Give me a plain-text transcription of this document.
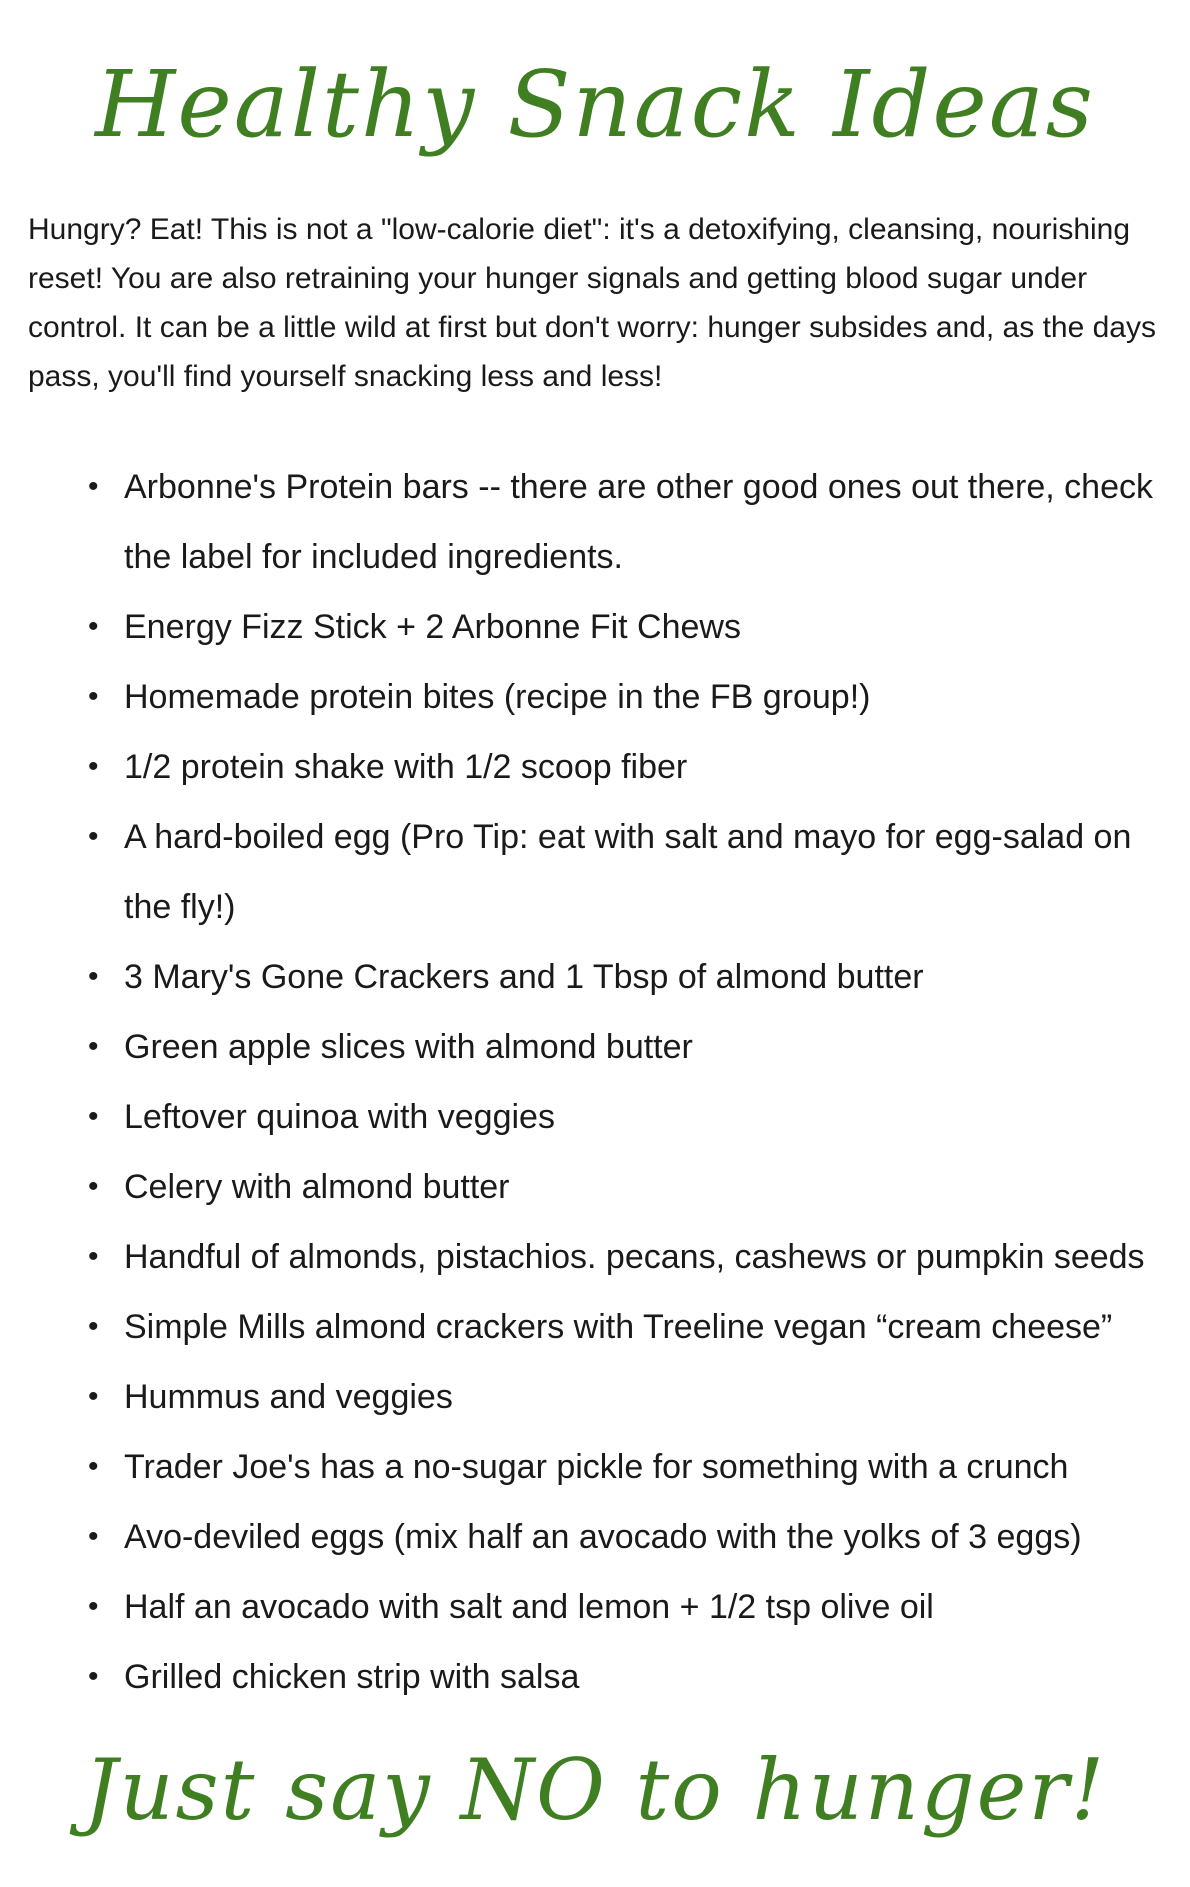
Healthy Snack Ideas

Hungry? Eat! This is not a "low-calorie diet": it's a detoxifying, cleansing, nourishing reset! You are also retraining your hunger signals and getting blood sugar under control. It can be a little wild at first but don't worry: hunger subsides and, as the days pass, you'll find yourself snacking less and less!

• Arbonne's Protein bars -- there are other good ones out there, check the label for included ingredients.
• Energy Fizz Stick + 2 Arbonne Fit Chews
• Homemade protein bites (recipe in the FB group!)
• 1/2 protein shake with 1/2 scoop fiber
• A hard-boiled egg (Pro Tip: eat with salt and mayo for egg-salad on the fly!)
• 3 Mary's Gone Crackers and 1 Tbsp of almond butter
• Green apple slices with almond butter
• Leftover quinoa with veggies
• Celery with almond butter
• Handful of almonds, pistachios. pecans, cashews or pumpkin seeds
• Simple Mills almond crackers with Treeline vegan “cream cheese”
• Hummus and veggies
• Trader Joe's has a no-sugar pickle for something with a crunch
• Avo-deviled eggs (mix half an avocado with the yolks of 3 eggs)
• Half an avocado with salt and lemon + 1/2 tsp olive oil
• Grilled chicken strip with salsa
Just say NO to hunger!
